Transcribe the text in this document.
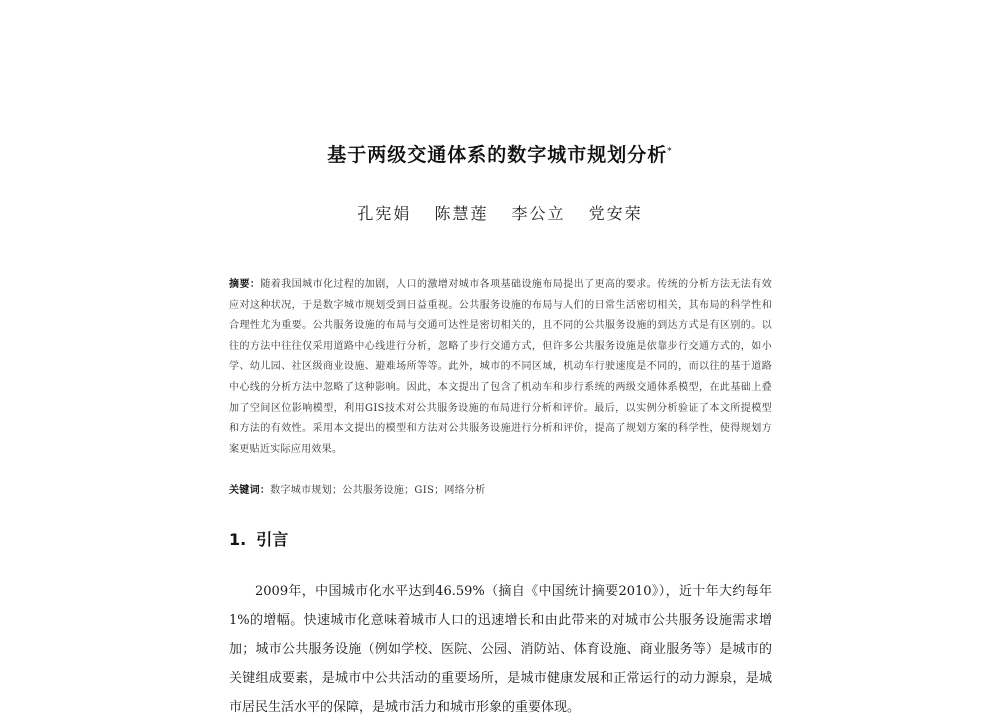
基于两级交通体系的数字城市规划分析*
孔宪娟 陈慧莲 李公立 党安荣
摘要：随着我国城市化过程的加剧，人口的激增对城市各项基础设施布局提出了更高的要求。传统的分析方法无法有效应对这种状况，于是数字城市规划受到日益重视。公共服务设施的布局与人们的日常生活密切相关，其布局的科学性和合理性尤为重要。公共服务设施的布局与交通可达性是密切相关的，且不同的公共服务设施的到达方式是有区别的。以往的方法中往往仅采用道路中心线进行分析，忽略了步行交通方式，但许多公共服务设施是依靠步行交通方式的，如小学、幼儿园、社区级商业设施、避难场所等等。此外，城市的不同区域，机动车行驶速度是不同的，而以往的基于道路中心线的分析方法中忽略了这种影响。因此，本文提出了包含了机动车和步行系统的两级交通体系模型，在此基础上叠加了空间区位影响模型，利用GIS技术对公共服务设施的布局进行分析和评价。最后，以实例分析验证了本文所提模型和方法的有效性。采用本文提出的模型和方法对公共服务设施进行分析和评价，提高了规划方案的科学性，使得规划方案更贴近实际应用效果。
关键词：数字城市规划；公共服务设施；GIS；网络分析
1. 引言
2009年，中国城市化水平达到46.59%（摘自《中国统计摘要2010》），近十年大约每年1%的增幅。快速城市化意味着城市人口的迅速增长和由此带来的对城市公共服务设施需求增加；城市公共服务设施（例如学校、医院、公园、消防站、体育设施、商业服务等）是城市的关键组成要素，是城市中公共活动的重要场所，是城市健康发展和正常运行的动力源泉，是城市居民生活水平的保障，是城市活力和城市形象的重要体现。
